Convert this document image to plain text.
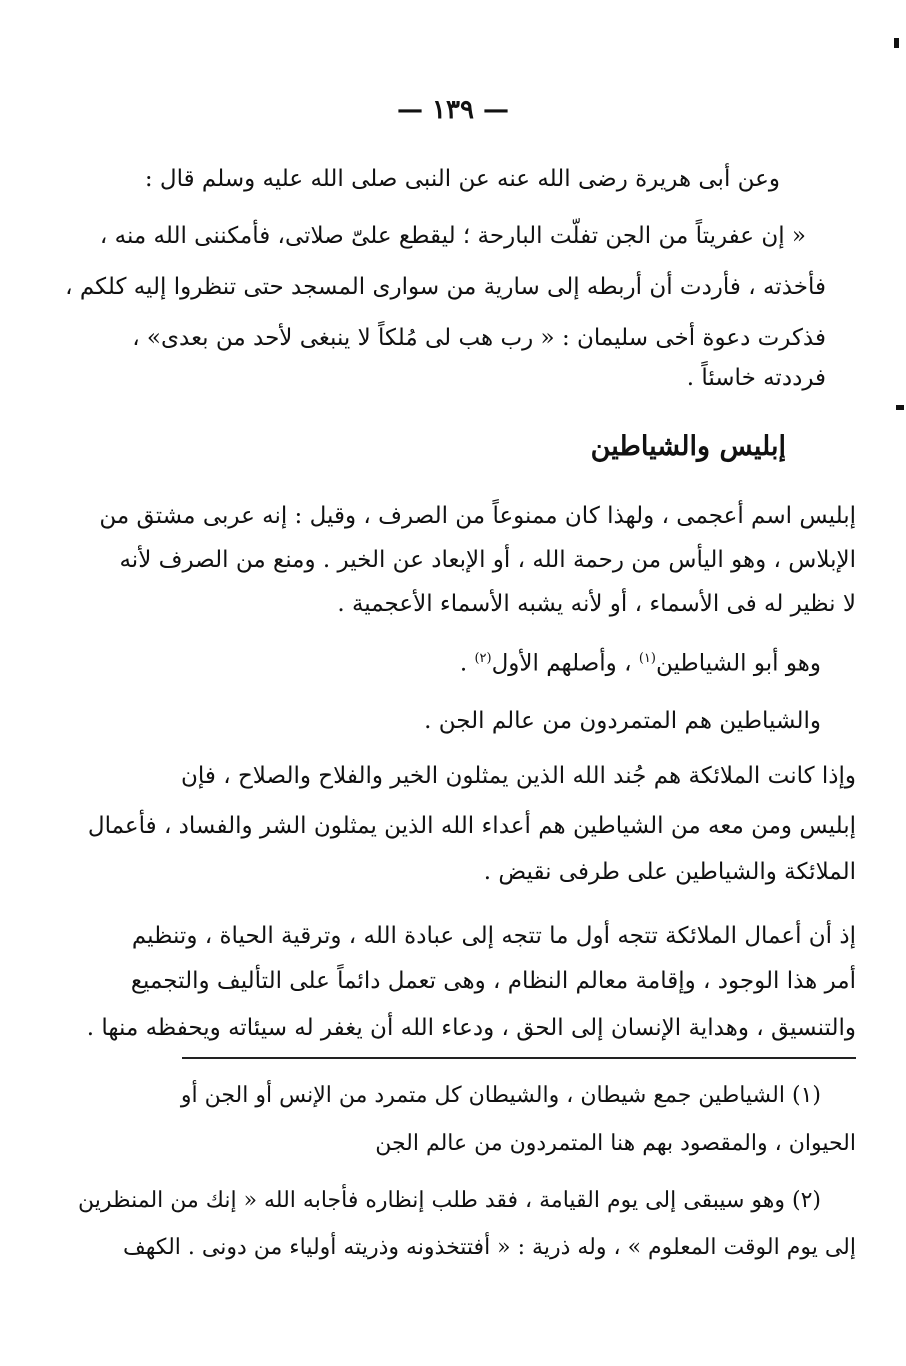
— ١٣٩ —
وعن أبى هريرة رضى الله عنه عن النبى صلى الله عليه وسلم قال :
« إن عفريتاً من الجن تفلّت البارحة ؛ ليقطع علىّ صلاتى، فأمكننى الله منه ،
فأخذته ، فأردت أن أربطه إلى سارية من سوارى المسجد حتى تنظروا إليه كلكم ،
فذكرت دعوة أخى سليمان : « رب هب لى مُلكاً لا ينبغى لأحد من بعدى» ،
فرددته خاسئاً .
إبليس والشياطين
إبليس اسم أعجمى ، ولهذا كان ممنوعاً من الصرف ، وقيل : إنه عربى مشتق من
الإبلاس ، وهو اليأس من رحمة الله ، أو الإبعاد عن الخير . ومنع من الصرف لأنه
لا نظير له فى الأسماء ، أو لأنه يشبه الأسماء الأعجمية .
وهو أبو الشياطين$^{(١)}$ ، وأصلهم الأول$^{(٢)}$ .
والشياطين هم المتمردون من عالم الجن .
وإذا كانت الملائكة هم جُند الله الذين يمثلون الخير والفلاح والصلاح ، فإن
إبليس ومن معه من الشياطين هم أعداء الله الذين يمثلون الشر والفساد ، فأعمال
الملائكة والشياطين على طرفى نقيض .
إذ أن أعمال الملائكة تتجه أول ما تتجه إلى عبادة الله ، وترقية الحياة ، وتنظيم
أمر هذا الوجود ، وإقامة معالم النظام ، وهى تعمل دائماً على التأليف والتجميع
والتنسيق ، وهداية الإنسان إلى الحق ، ودعاء الله أن يغفر له سيئاته ويحفظه منها .
(١) الشياطين جمع شيطان ، والشيطان كل متمرد من الإنس أو الجن أو
الحيوان ، والمقصود بهم هنا المتمردون من عالم الجن
(٢) وهو سيبقى إلى يوم القيامة ، فقد طلب إنظاره فأجابه الله « إنك من المنظرين
إلى يوم الوقت المعلوم » ، وله ذرية : « أفتتخذونه وذريته أولياء من دونى . الكهف
